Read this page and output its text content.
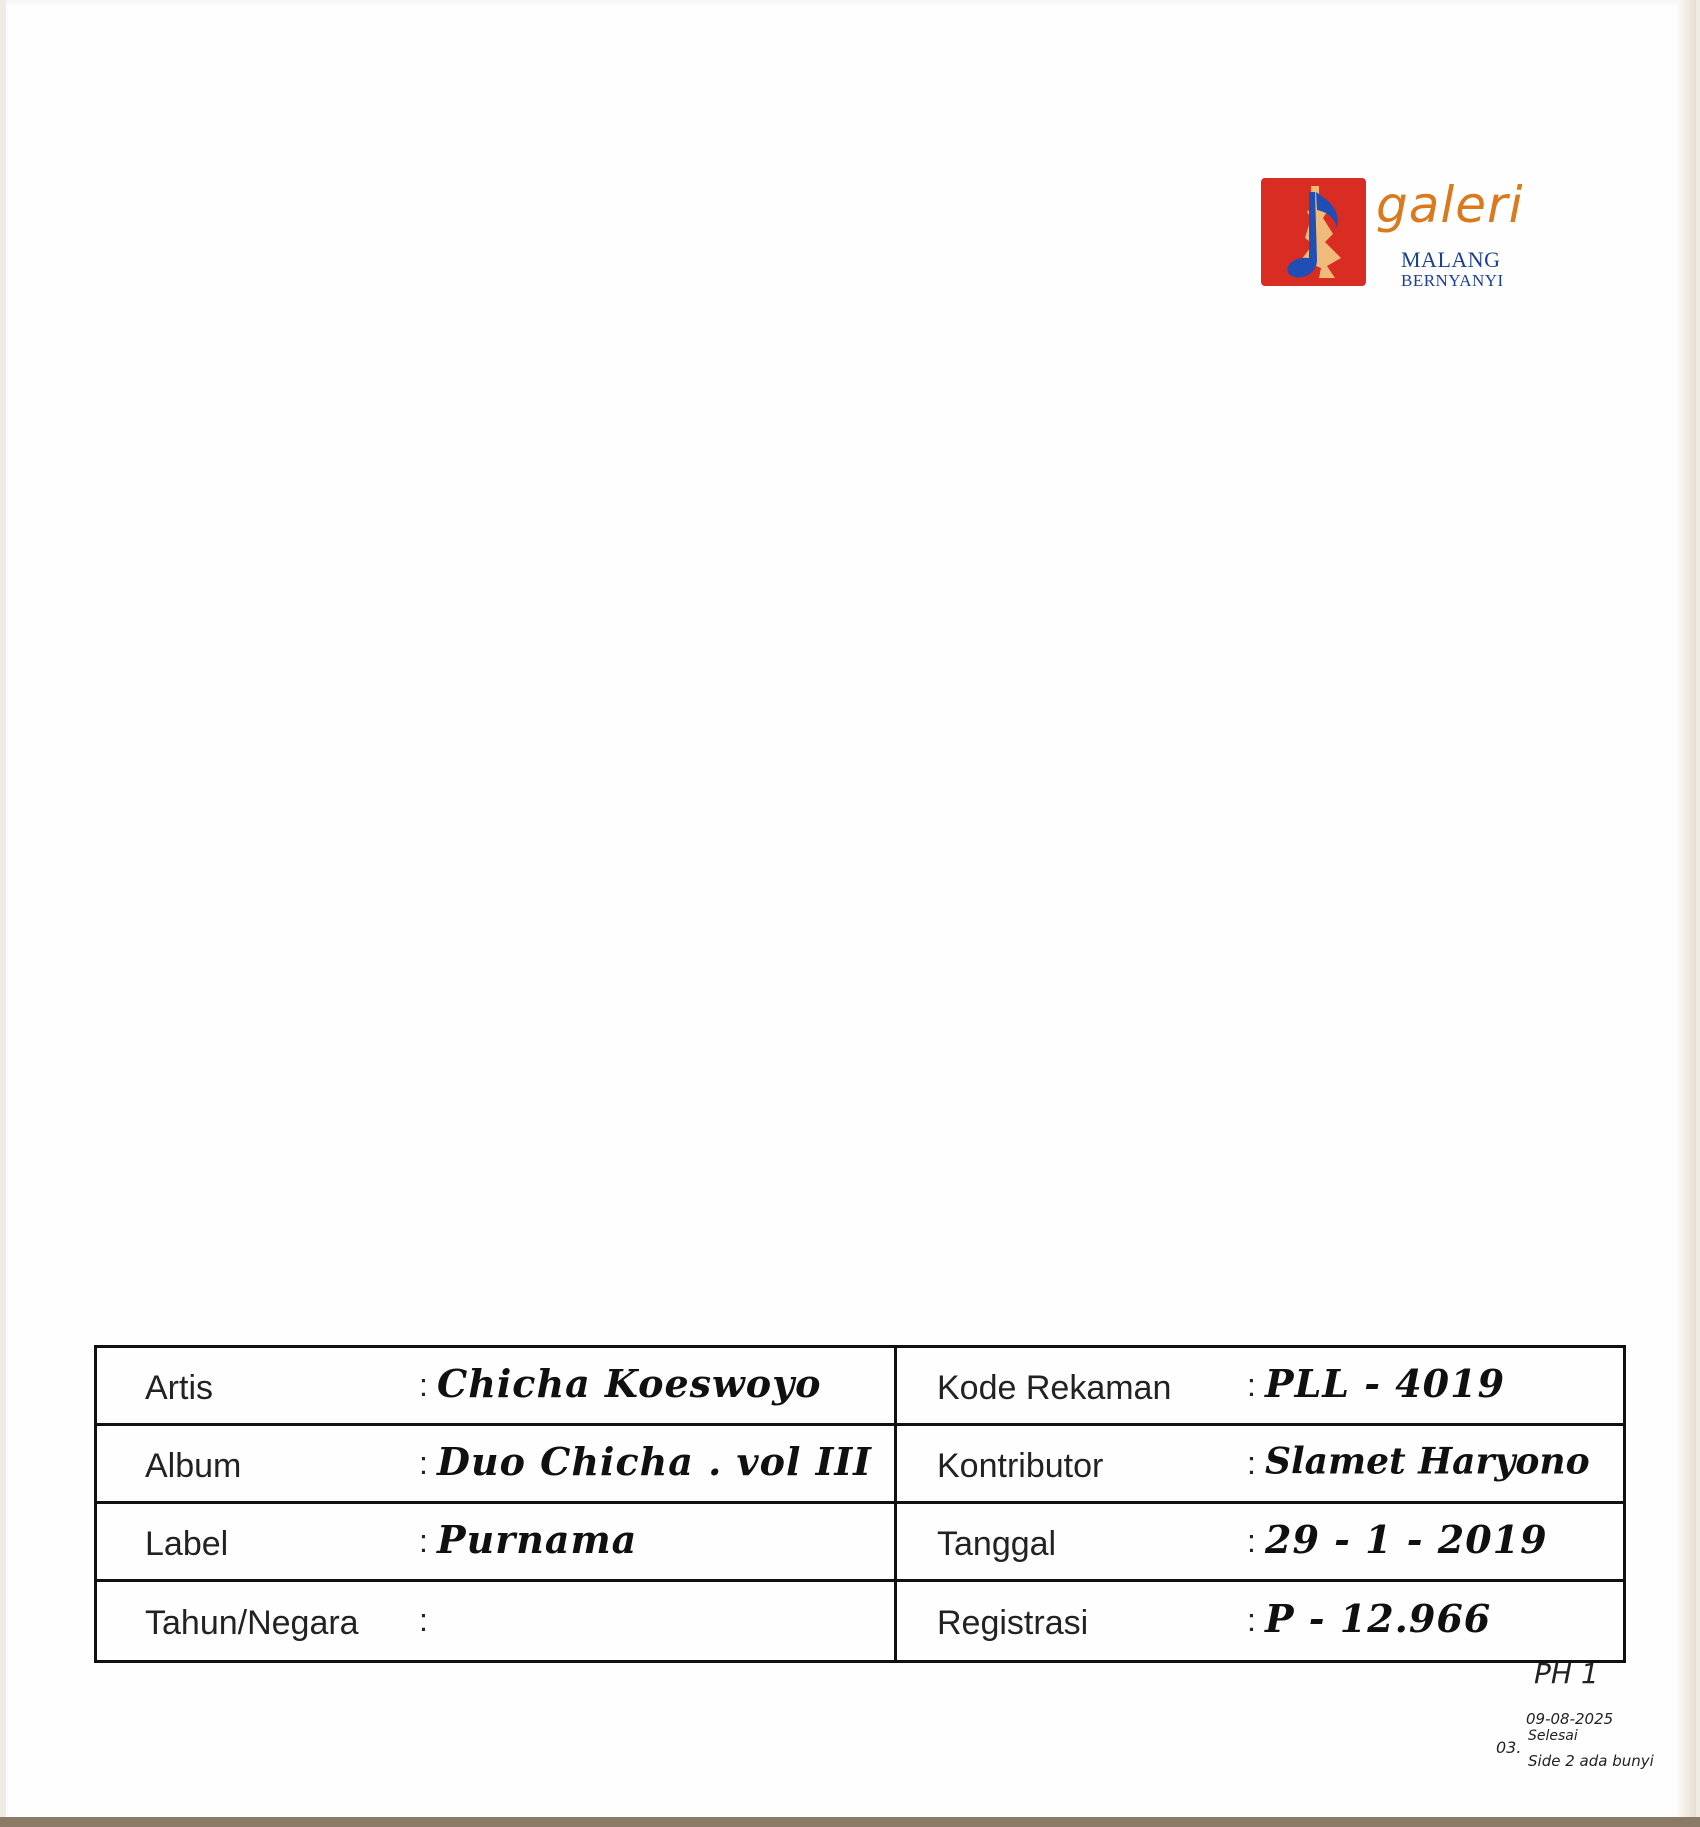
galeri
MALANG
BERNYANYI
Artis	: Chicha Koeswoyo	Kode Rekaman : PLL - 4019
Album	: Duo Chicha . vol III Kontributor	: Slamet Haryono
Label	: Purnama	Tanggal	: 29 - 1 - 2019
Tahun/Negara :	Registrasi	: P - 12.966
PH 1
09-08-2025
Selesai
03.
Side 2 ada bunyi
